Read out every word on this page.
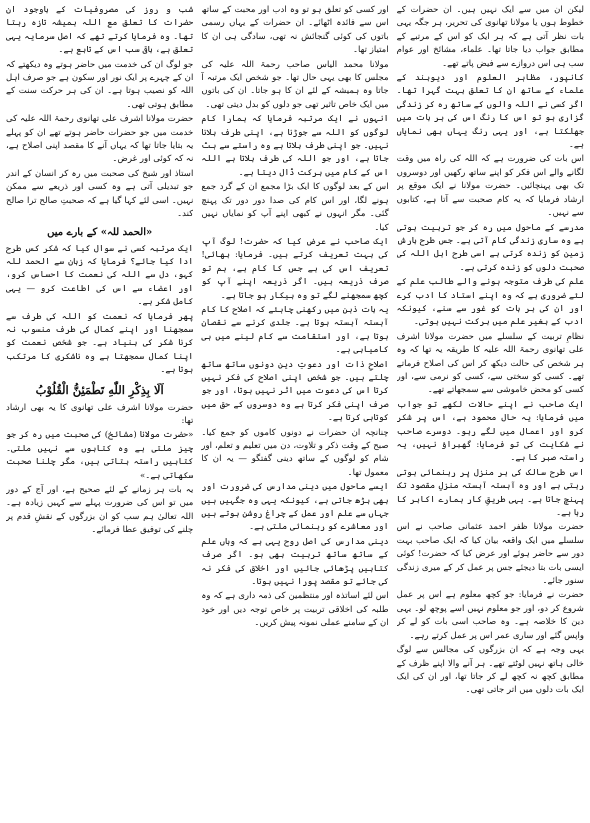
لیکن ان میں سے ایک نہیں ہیں۔ ان حضرات کے خطوط ہوں یا مولانا تھانوی کی تحریر، ہر جگہ یہی بات نظر آتی ہے کہ ہر ایک کو اس کے مرتبے کے مطابق جواب دیا جاتا تھا۔ علماء، مشائخ اور عوام سب ہی اس دروازے سے فیض پاتے تھے۔

کانپور، مظاہر العلوم اور دیوبند کے علماء کے ساتھ ان کا تعلق بہت گہرا تھا۔ اگر کسی نے اللہ والوں کے ساتھ رہ کر زندگی گزاری ہو تو اس کا رنگ اس کی ہر بات میں جھلکتا ہے، اور یہی رنگ یہاں بھی نمایاں ہے۔

اس بات کی ضرورت ہے کہ اللہ کی راہ میں وقت لگانے والے اس فکر کو اپنے ساتھ رکھیں اور دوسروں تک بھی پہنچائیں۔ حضرت مولانا نے ایک موقع پر ارشاد فرمایا کہ یہ کام صحبت سے آتا ہے، کتابوں سے نہیں۔

مدرسے کے ماحول میں رہ کر جو تربیت ہوتی ہے وہ ساری زندگی کام آتی ہے۔ جس طرح بارش زمین کو زندہ کرتی ہے اسی طرح اہل اللہ کی صحبت دلوں کو زندہ کرتی ہے۔

علم کی طرف متوجہ ہونے والے طالب علم کے لئے ضروری ہے کہ وہ اپنے استاد کا ادب کرے اور ان کی ہر بات کو غور سے سنے، کیونکہ ادب کے بغیر علم میں برکت نہیں ہوتی۔

نظامِ تربیت کے سلسلے میں حضرت مولانا اشرف علی تھانوی رحمۃ اللہ علیہ کا طریقہ یہ تھا کہ وہ ہر شخص کی حالت دیکھ کر اس کی اصلاح فرماتے تھے۔ کسی کو سختی سے، کسی کو نرمی سے، اور کسی کو محض خاموشی سے سمجھاتے تھے۔

ایک صاحب نے اپنے حالات لکھے تو جواب میں فرمایا: یہ حال محمود ہے، اس پر شکر کرو اور اعمال میں لگے رہو۔ دوسرے صاحب نے شکایت کی تو فرمایا: گھبراؤ نہیں، یہ راستہ صبر کا ہے۔

اس طرح سالک کی ہر منزل پر رہنمائی ہوتی رہتی ہے اور وہ آہستہ آہستہ منزلِ مقصود تک پہنچ جاتا ہے۔ یہی طریقِ کار ہمارے اکابر کا رہا ہے۔

حضرت مولانا ظفر احمد عثمانی صاحب نے اس سلسلے میں ایک واقعہ بیان کیا کہ ایک صاحب بہت دور سے حاضر ہوئے اور عرض کیا کہ حضرت! کوئی ایسی بات بتا دیجئے جس پر عمل کر کے میری زندگی سنور جائے۔

حضرت نے فرمایا: جو کچھ معلوم ہے اس پر عمل شروع کر دو، اور جو معلوم نہیں اسے پوچھ لو۔ یہی دین کا خلاصہ ہے۔ وہ صاحب اسی بات کو لے کر واپس گئے اور ساری عمر اس پر عمل کرتے رہے۔

یہی وجہ ہے کہ ان بزرگوں کی مجالس سے لوگ خالی ہاتھ نہیں لوٹتے تھے۔ ہر آنے والا اپنے ظرف کے مطابق کچھ نہ کچھ لے کر جاتا تھا، اور ان کی ایک ایک بات دلوں میں اتر جاتی تھی۔

اور کسی کو تعلق ہو تو وہ ادب اور محبت کے ساتھ اس سے فائدہ اٹھائے۔ ان حضرات کے یہاں رسمی باتوں کی کوئی گنجائش نہ تھی، سادگی ہی ان کا امتیاز تھا۔

مولانا محمد الیاس صاحب رحمۃ اللہ علیہ کی مجلس کا بھی یہی حال تھا۔ جو شخص ایک مرتبہ آ جاتا وہ ہمیشہ کے لئے ان کا ہو جاتا۔ ان کی باتوں میں ایک خاص تاثیر تھی جو دلوں کو بدل دیتی تھی۔

انہوں نے ایک مرتبہ فرمایا کہ ہمارا کام لوگوں کو اللہ سے جوڑنا ہے، اپنی طرف بلانا نہیں۔ جو اپنی طرف بلاتا ہے وہ راستے سے ہٹ جاتا ہے، اور جو اللہ کی طرف بلاتا ہے اللہ اس کے کام میں برکت ڈال دیتا ہے۔

اس کے بعد لوگوں کا ایک بڑا مجمع ان کے گرد جمع ہونے لگا، اور اس کام کی صدا دور دور تک پہنچ گئی۔ مگر انہوں نے کبھی اپنے آپ کو نمایاں نہیں کیا۔

ایک صاحب نے عرض کیا کہ حضرت! لوگ آپ کی بہت تعریف کرتے ہیں۔ فرمایا: بھائی! تعریف اس کی ہے جس کا کام ہے، ہم تو صرف ذریعہ ہیں۔ اگر ذریعہ اپنے آپ کو کچھ سمجھنے لگے تو وہ بیکار ہو جاتا ہے۔

یہ بات ذہن میں رکھنی چاہئے کہ اصلاح کا کام آہستہ آہستہ ہوتا ہے۔ جلدی کرنے سے نقصان ہوتا ہے، اور استقامت سے کام لینے میں ہی کامیابی ہے۔

اصلاحِ ذات اور دعوتِ دین دونوں ساتھ ساتھ چلتے ہیں۔ جو شخص اپنی اصلاح کی فکر نہیں کرتا اس کی دعوت میں اثر نہیں ہوتا، اور جو صرف اپنی فکر کرتا ہے وہ دوسروں کے حق میں کوتاہی کرتا ہے۔

چنانچہ ان حضرات نے دونوں کاموں کو جمع کیا۔ صبح کے وقت ذکر و تلاوت، دن میں تعلیم و تعلم، اور شام کو لوگوں کے ساتھ دینی گفتگو — یہ ان کا معمول تھا۔

ایسے ماحول میں دینی مدارس کی ضرورت اور بھی بڑھ جاتی ہے، کیونکہ یہی وہ جگہیں ہیں جہاں سے علم اور عمل کے چراغ روشن ہوتے ہیں اور معاشرے کو رہنمائی ملتی ہے۔

دینی مدارس کی اصل روح یہی ہے کہ وہاں علم کے ساتھ ساتھ تربیت بھی ہو۔ اگر صرف کتابیں پڑھائی جائیں اور اخلاق کی فکر نہ کی جائے تو مقصد پورا نہیں ہوتا۔

اس لئے اساتذہ اور منتظمین کی ذمہ داری ہے کہ وہ طلبہ کی اخلاقی تربیت پر خاص توجہ دیں اور خود ان کے سامنے عملی نمونہ پیش کریں۔

شب و روز کی مصروفیات کے باوجود ان حضرات کا تعلق مع اللہ ہمیشہ تازہ رہتا تھا۔ وہ فرمایا کرتے تھے کہ اصل سرمایہ یہی تعلق ہے، باقی سب اس کے تابع ہے۔

جو لوگ ان کی خدمت میں حاضر ہوتے وہ دیکھتے کہ ان کے چہرے پر ایک نور اور سکون ہے جو صرف اہل اللہ کو نصیب ہوتا ہے۔ ان کی ہر حرکت سنت کے مطابق ہوتی تھی۔

حضرت مولانا اشرف علی تھانوی رحمۃ اللہ علیہ کی خدمت میں جو حضرات حاضر ہوتے تھے ان کو پہلے یہ بتایا جاتا تھا کہ یہاں آنے کا مقصد اپنی اصلاح ہے، نہ کہ کوئی اور غرض۔

استاذ اور شیخ کی صحبت میں رہ کر انسان کے اندر جو تبدیلی آتی ہے وہ کسی اور ذریعے سے ممکن نہیں۔ اسی لئے کہا گیا ہے کہ صحبتِ صالح ترا صالح کند۔

«الحمد للہ» کے بارے میں

ایک مرتبہ کسی نے سوال کیا کہ شکر کس طرح ادا کیا جائے؟ فرمایا کہ زبان سے الحمد للہ کہو، دل سے اللہ کی نعمت کا احساس کرو، اور اعضاء سے اس کی اطاعت کرو — یہی کامل شکر ہے۔

پھر فرمایا کہ نعمت کو اللہ کی طرف سے سمجھنا اور اپنے کمال کی طرف منسوب نہ کرنا شکر کی بنیاد ہے۔ جو شخص نعمت کو اپنا کمال سمجھتا ہے وہ ناشکری کا مرتکب ہوتا ہے۔

اَلَا بِذِكْرِ اللّٰهِ تَطْمَئِنُّ الْقُلُوْبُ

حضرت مولانا اشرف علی تھانوی کا یہ بھی ارشاد تھا:

«حضرت مولانا (مشائخ) کی صحبت میں رہ کر جو چیز ملتی ہے وہ کتابوں سے نہیں ملتی۔ کتابیں راستہ بتاتی ہیں، مگر چلنا صحبت سکھاتی ہے۔»

یہ بات ہر زمانے کے لئے صحیح ہے، اور آج کے دور میں تو اس کی ضرورت پہلے سے کہیں زیادہ ہے۔ اللہ تعالیٰ ہم سب کو ان بزرگوں کے نقشِ قدم پر چلنے کی توفیق عطا فرمائے۔
